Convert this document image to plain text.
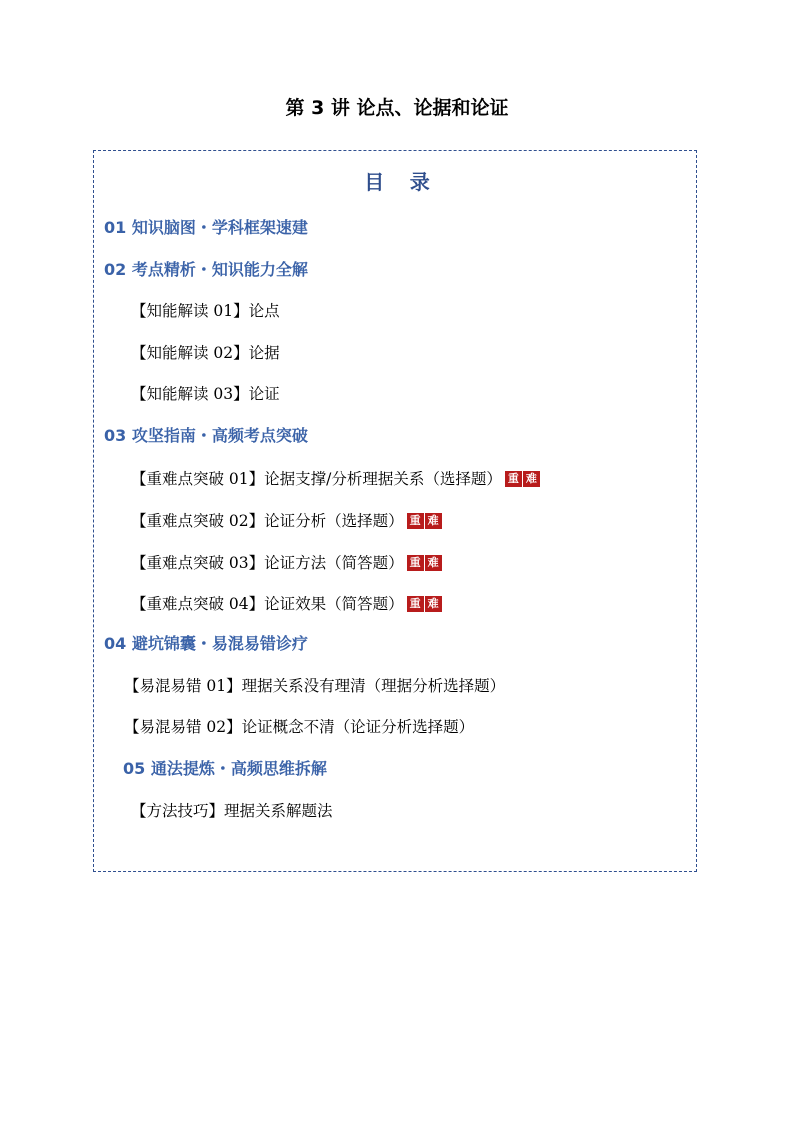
第 3 讲 论点、论据和论证
目 录
01 知识脑图・学科框架速建
02 考点精析・知识能力全解
【知能解读 01】论点
【知能解读 02】论据
【知能解读 03】论证
03 攻坚指南・高频考点突破
【重难点突破 01】论据支撑/分析理据关系（选择题） 重 难
【重难点突破 02】论证分析（选择题） 重 难
【重难点突破 03】论证方法（简答题） 重 难
【重难点突破 04】论证效果（简答题） 重 难
04 避坑锦囊・易混易错诊疗
【易混易错 01】理据关系没有理清（理据分析选择题）
【易混易错 02】论证概念不清（论证分析选择题）
05 通法提炼・高频思维拆解
【方法技巧】理据关系解题法
